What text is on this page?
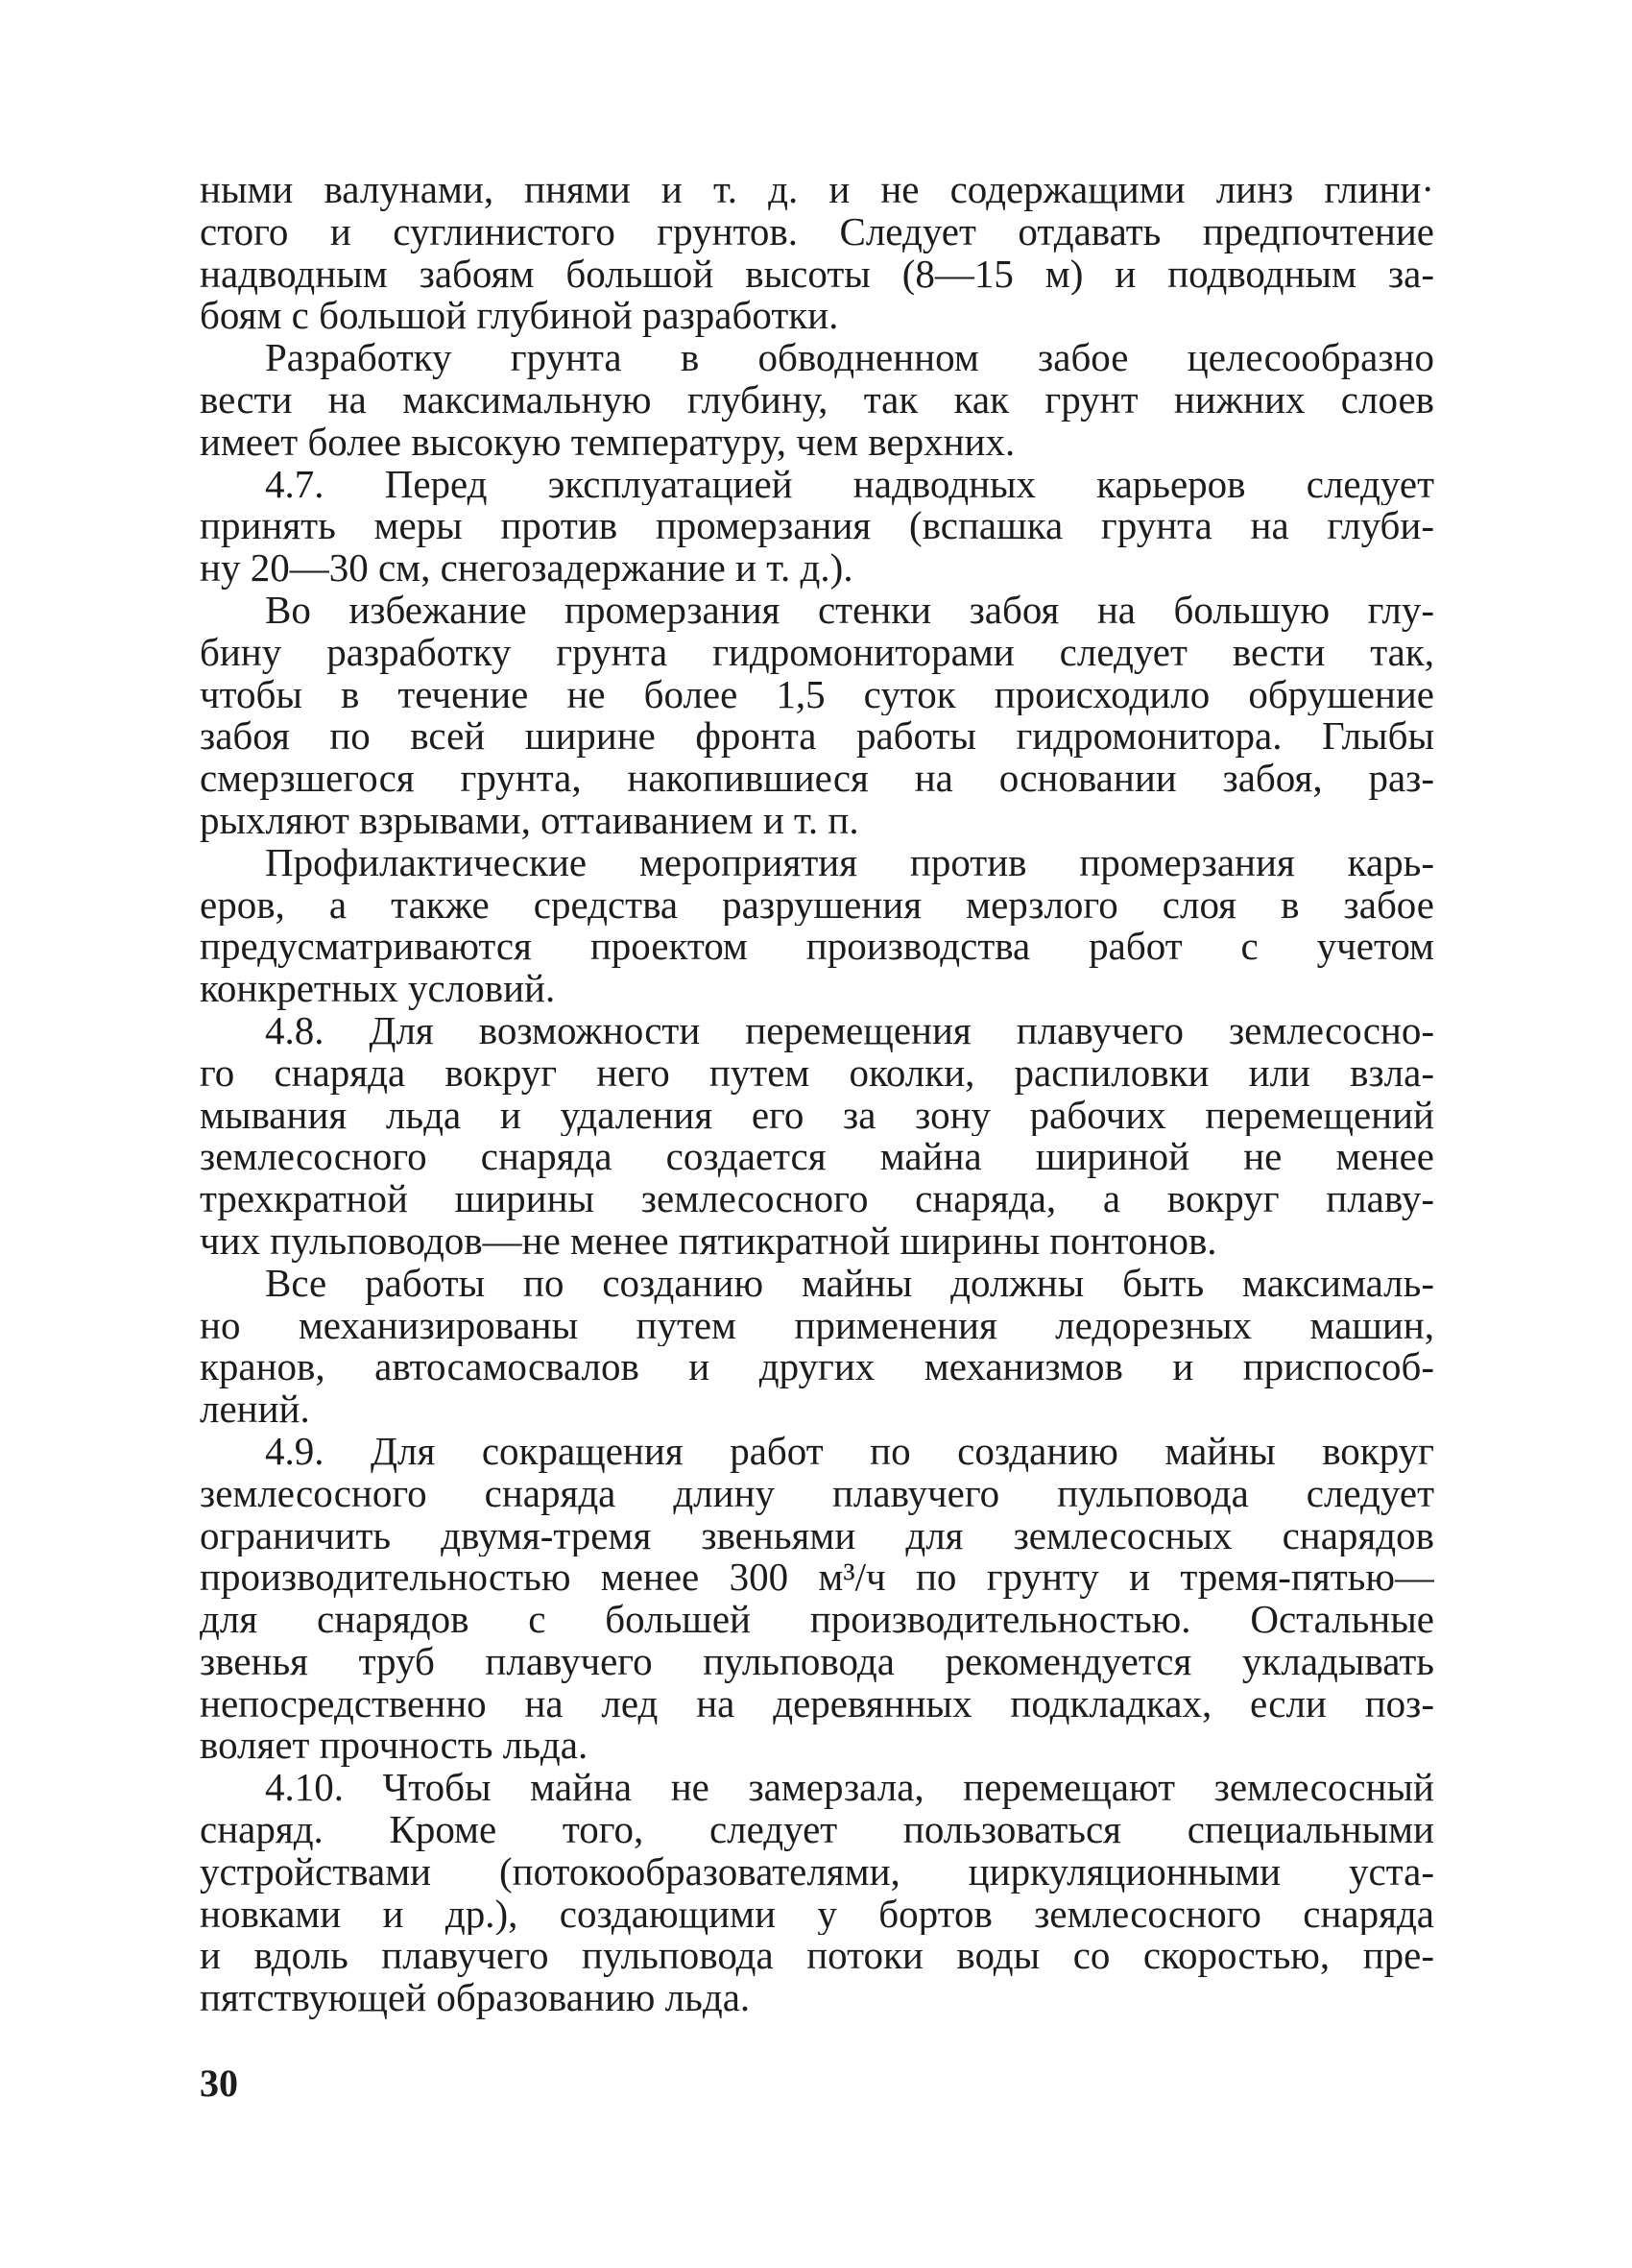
ными валунами, пнями и т. д. и не содержащими линз глини·
стого и суглинистого грунтов. Следует отдавать предпочтение
надводным забоям большой высоты (8—15 м) и подводным за-
боям с большой глубиной разработки.
Разработку грунта в обводненном забое целесообразно
вести на максимальную глубину, так как грунт нижних слоев
имеет более высокую температуру, чем верхних.
4.7. Перед эксплуатацией надводных карьеров следует
принять меры против промерзания (вспашка грунта на глуби-
ну 20—30 см, снегозадержание и т. д.).
Во избежание промерзания стенки забоя на большую глу-
бину разработку грунта гидромониторами следует вести так,
чтобы в течение не более 1,5 суток происходило обрушение
забоя по всей ширине фронта работы гидромонитора. Глыбы
смерзшегося грунта, накопившиеся на основании забоя, раз-
рыхляют взрывами, оттаиванием и т. п.
Профилактические мероприятия против промерзания карь-
еров, а также средства разрушения мерзлого слоя в забое
предусматриваются проектом производства работ с учетом
конкретных условий.
4.8. Для возможности перемещения плавучего землесосно-
го снаряда вокруг него путем околки, распиловки или взла-
мывания льда и удаления его за зону рабочих перемещений
землесосного снаряда создается майна шириной не менее
трехкратной ширины землесосного снаряда, а вокруг плаву-
чих пульповодов—не менее пятикратной ширины понтонов.
Все работы по созданию майны должны быть максималь-
но механизированы путем применения ледорезных машин,
кранов, автосамосвалов и других механизмов и приспособ-
лений.
4.9. Для сокращения работ по созданию майны вокруг
землесосного снаряда длину плавучего пульповода следует
ограничить двумя-тремя звеньями для землесосных снарядов
производительностью менее 300 м³/ч по грунту и тремя-пятью—
для снарядов с большей производительностью. Остальные
звенья труб плавучего пульповода рекомендуется укладывать
непосредственно на лед на деревянных подкладках, если поз-
воляет прочность льда.
4.10. Чтобы майна не замерзала, перемещают землесосный
снаряд. Кроме того, следует пользоваться специальными
устройствами (потокообразователями, циркуляционными уста-
новками и др.), создающими у бортов землесосного снаряда
и вдоль плавучего пульповода потоки воды со скоростью, пре-
пятствующей образованию льда.
30
